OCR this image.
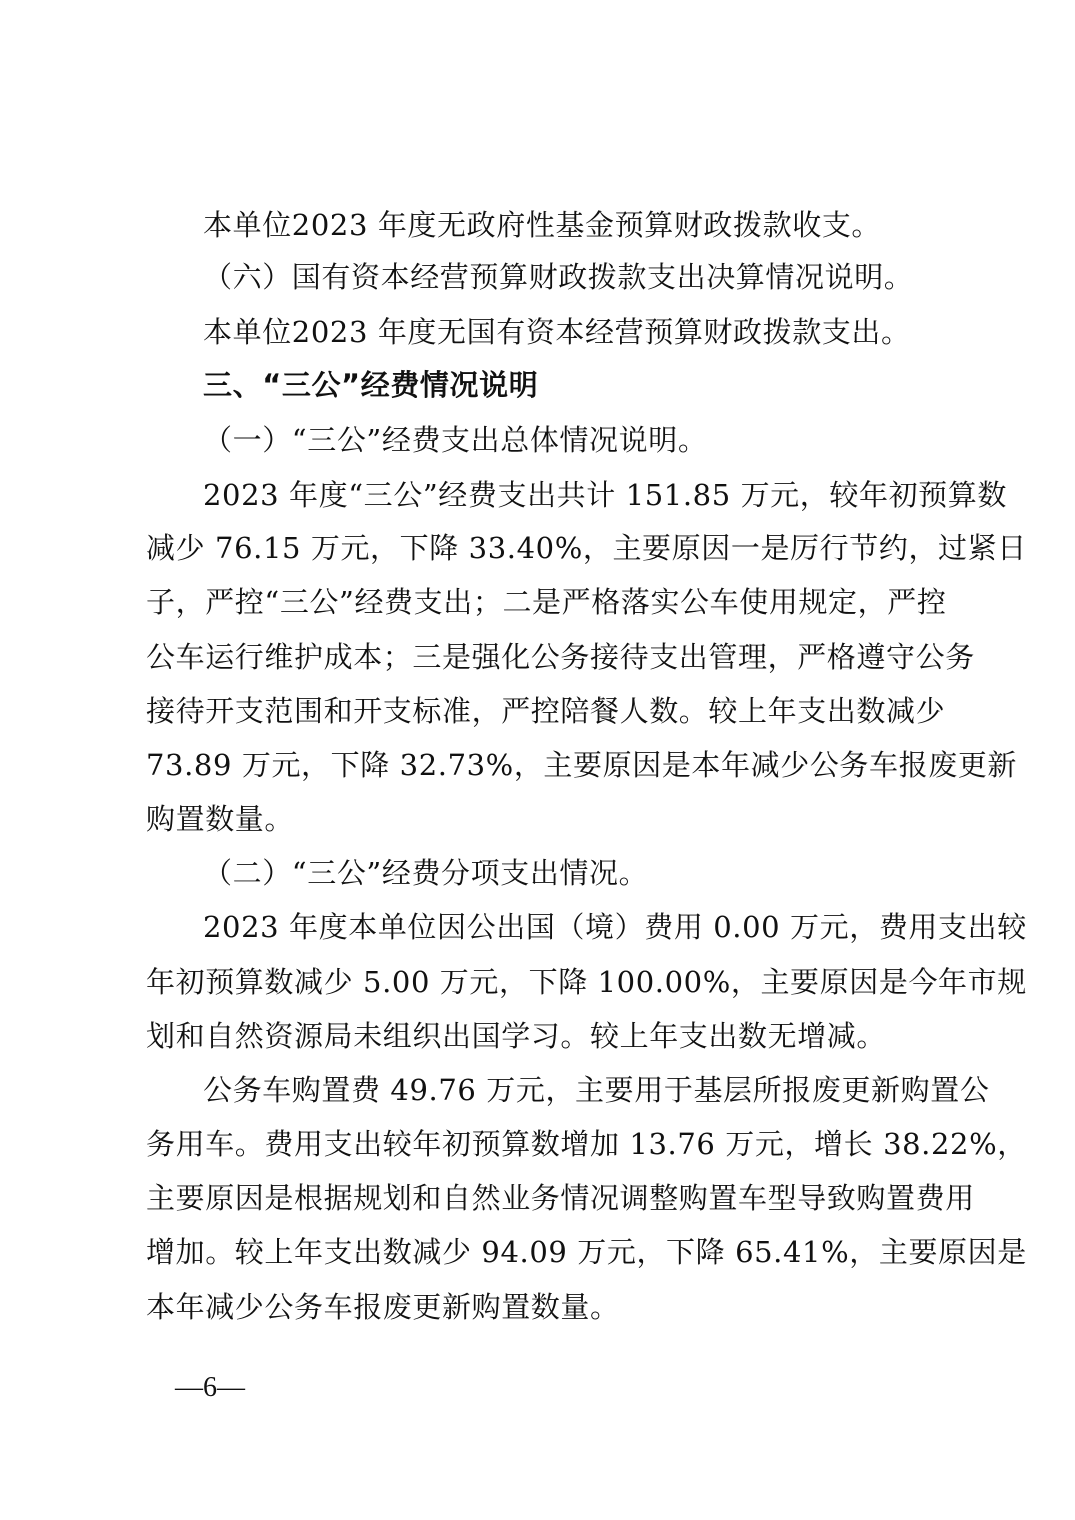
本单位2023 年度无政府性基金预算财政拨款收支。
（六）国有资本经营预算财政拨款支出决算情况说明。
本单位2023 年度无国有资本经营预算财政拨款支出。
三、“三公”经费情况说明
（一）“三公”经费支出总体情况说明。
2023 年度“三公”经费支出共计 151.85 万元，较年初预算数
减少 76.15 万元，下降 33.40%，主要原因一是厉行节约，过紧日
子，严控“三公”经费支出；二是严格落实公车使用规定，严控
公车运行维护成本；三是强化公务接待支出管理，严格遵守公务
接待开支范围和开支标准，严控陪餐人数。较上年支出数减少
73.89 万元，下降 32.73%，主要原因是本年减少公务车报废更新
购置数量。
（二）“三公”经费分项支出情况。
2023 年度本单位因公出国（境）费用 0.00 万元，费用支出较
年初预算数减少 5.00 万元，下降 100.00%，主要原因是今年市规
划和自然资源局未组织出国学习。较上年支出数无增减。
公务车购置费 49.76 万元，主要用于基层所报废更新购置公
务用车。费用支出较年初预算数增加 13.76 万元，增长 38.22%，
主要原因是根据规划和自然业务情况调整购置车型导致购置费用
增加。较上年支出数减少 94.09 万元，下降 65.41%，主要原因是
本年减少公务车报废更新购置数量。
—6—
